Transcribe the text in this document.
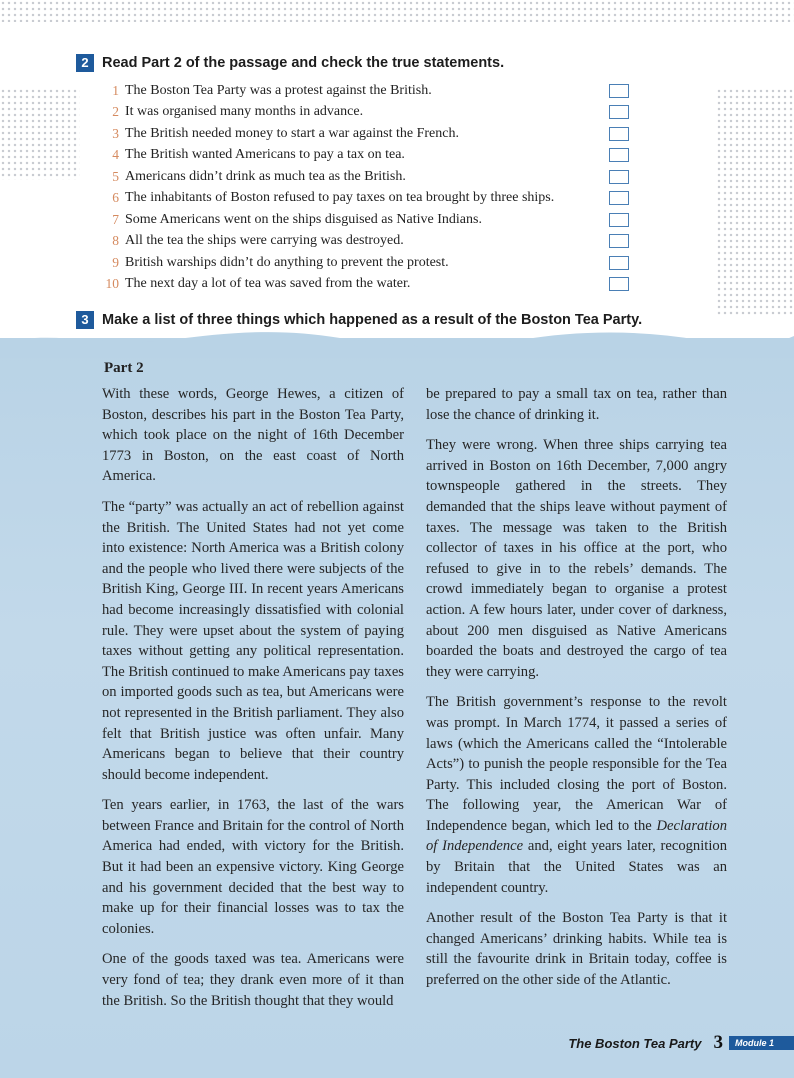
2 Read Part 2 of the passage and check the true statements.
1 The Boston Tea Party was a protest against the British.
2 It was organised many months in advance.
3 The British needed money to start a war against the French.
4 The British wanted Americans to pay a tax on tea.
5 Americans didn’t drink as much tea as the British.
6 The inhabitants of Boston refused to pay taxes on tea brought by three ships.
7 Some Americans went on the ships disguised as Native Indians.
8 All the tea the ships were carrying was destroyed.
9 British warships didn’t do anything to prevent the protest.
10 The next day a lot of tea was saved from the water.
3 Make a list of three things which happened as a result of the Boston Tea Party.
Part 2

With these words, George Hewes, a citizen of Boston, describes his part in the Boston Tea Party, which took place on the night of 16th December 1773 in Boston, on the east coast of North America.

The “party” was actually an act of rebellion against the British. The United States had not yet come into existence: North America was a British colony and the people who lived there were subjects of the British King, George III. In recent years Americans had become increasingly dissatisfied with colonial rule. They were upset about the system of paying taxes without getting any political representation. The British continued to make Americans pay taxes on imported goods such as tea, but Americans were not represented in the British parliament. They also felt that British justice was often unfair. Many Americans began to believe that their country should become independent.

Ten years earlier, in 1763, the last of the wars between France and Britain for the control of North America had ended, with victory for the British. But it had been an expensive victory. King George and his government decided that the best way to make up for their financial losses was to tax the colonies.

One of the goods taxed was tea. Americans were very fond of tea; they drank even more of it than the British. So the British thought that they would

be prepared to pay a small tax on tea, rather than lose the chance of drinking it.

They were wrong. When three ships carrying tea arrived in Boston on 16th December, 7,000 angry townspeople gathered in the streets. They demanded that the ships leave without payment of taxes. The message was taken to the British collector of taxes in his office at the port, who refused to give in to the rebels’ demands. The crowd immediately began to organise a protest action. A few hours later, under cover of darkness, about 200 men disguised as Native Americans boarded the boats and destroyed the cargo of tea they were carrying.

The British government’s response to the revolt was prompt. In March 1774, it passed a series of laws (which the Americans called the “Intolerable Acts”) to punish the people responsible for the Tea Party. This included closing the port of Boston. The following year, the American War of Independence began, which led to the Declaration of Independence and, eight years later, recognition by Britain that the United States was an independent country.

Another result of the Boston Tea Party is that it changed Americans’ drinking habits. While tea is still the favourite drink in Britain today, coffee is preferred on the other side of the Atlantic.

The Boston Tea Party 3	Module 1
